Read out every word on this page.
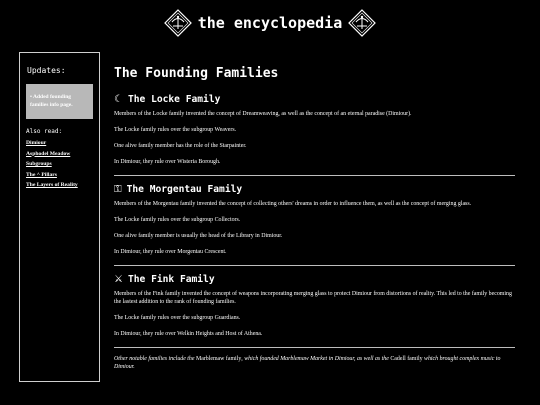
the encyclopedia
Updates:
• Added founding
families info page.
Also read:
Dimiour
Asphodel Meadow
Subgroups
The ^ Pillars
The Layers of Reality
The Founding Families
☾ The Locke Family

Members of the Locke family invented the concept of Dreamweaving, as well as the concept of an eternal paradise (Dimiour).

The Locke family rules over the subgroup Weavers.

One alive family member has the role of the Starpainter.

In Dimiour, they rule over Wisteria Borough.

⚿ The Morgentau Family

Members of the Morgentau family invented the concept of collecting others' dreams in order to influence them, as well as the concept of merging glass.

The Locke family rules over the subgroup Collectors.

One alive family member is usually the head of the Library in Dimiour.

In Dimiour, they rule over Morgentau Crescent.

⚔ The Fink Family

Members of the Fink family invented the concept of weapons incorporating merging glass to protect Dimiour from distortions of reality. This led to the family becoming the lastest addition to the rank of founding families.

The Locke family rules over the subgroup Guardians.

In Dimiour, they rule over Welkin Heights and Host of Athena.

Other notable families include the Marblemaw family, which founded Marblemaw Market in Dimiour, as well as the Cadell family which brought complex music to Dimiour.
